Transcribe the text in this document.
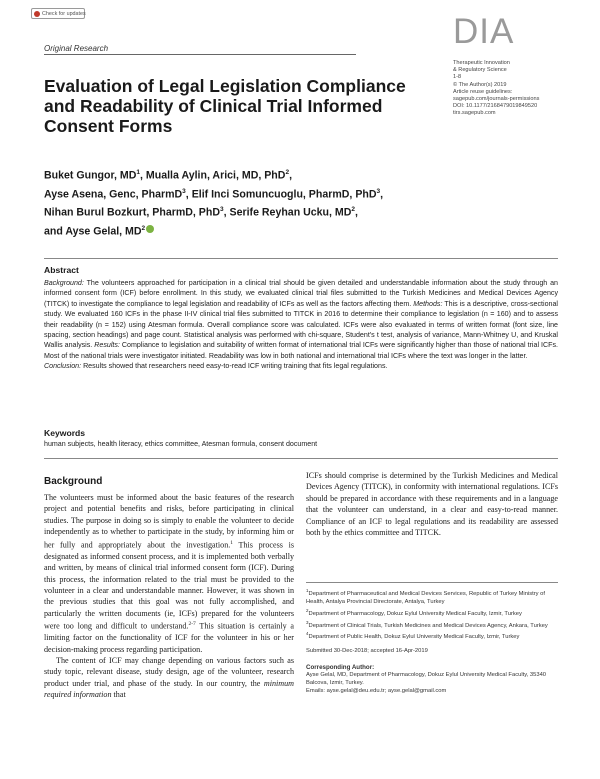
Check for updates
Original Research	DIA
Therapeutic Innovation
& Regulatory Science
1-8
© The Author(s) 2019
Article reuse guidelines:
sagepub.com/journals-permissions
DOI: 10.1177/2168479019849520
tirs.sagepub.com
Evaluation of Legal Legislation Compliance and Readability of Clinical Trial Informed Consent Forms
Buket Gungor, $MD^1$, Mualla Aylin, Arici, MD, PhD$^2$,
Ayse Asena, Genc, PharmD$^3$, Elif Inci Somuncuoglu, PharmD, PhD$^3$,
Nihan Burul Bozkurt, PharmD, PhD$^3$, Serife Reyhan Ucku, $MD^2$,
and Ayse Gelal, $MD^2$
Abstract
Background: The volunteers approached for participation in a clinical trial should be given detailed and understandable information about the study through an informed consent form (ICF) before enrollment. In this study, we evaluated clinical trial files submitted to the Turkish Medicines and Medical Devices Agency (TITCK) to investigate the compliance to legal legislation and readability of ICFs as well as the factors affecting them. Methods: This is a descriptive, cross-sectional study. We evaluated 160 ICFs in the phase II-IV clinical trial files submitted to TITCK in 2016 to determine their compliance to legislation (n = 160) and to assess their readability (n = 152) using Atesman formula. Overall compliance score was calculated. ICFs were also evaluated in terms of written format (font size, line spacing, section headings) and page count. Statistical analysis was performed with chi-square, Student's t test, analysis of variance, Mann-Whitney U, and Kruskal Wallis analysis. Results: Compliance to legislation and suitability of written format of international trial ICFs were significantly higher than those of national trial ICFs. Most of the national trials were investigator initiated. Readability was low in both national and international trial ICFs where the text was longer in the latter.
Conclusion: Results showed that researchers need easy-to-read ICF writing training that fits legal regulations.
Keywords
human subjects, health literacy, ethics committee, Atesman formula, consent document
Background

The volunteers must be informed about the basic features of the research project and potential benefits and risks, before participating in clinical studies. The purpose in doing so is simply to enable the volunteer to decide independently as to whether to participate in the study, by informing him or her fully and appropriately about the investigation.$^1$ This process is designated as informed consent process, and it is implemented both verbally and written, by means of clinical trial informed consent form (ICF). During this process, the information related to the trial must be provided to the volunteer in a clear and understandable manner. However, it was shown in the previous studies that this goal was not fully accomplished, and particularly the written documents (ie, ICFs) prepared for the volunteers were too long and difficult to understand.$^{2-7}$ This situation is certainly a limiting factor on the functionality of ICF for the volunteer in his or her decision-making process regarding participation.

The content of ICF may change depending on various factors such as study topic, relevant disease, study design, age of the volunteer, research product under trial, and phase of the study. In our country, the minimum required information that

ICFs should comprise is determined by the Turkish Medicines and Medical Devices Agency (TITCK), in conformity with international regulations. ICFs should be prepared in accordance with these requirements and in a language that the volunteer can understand, in a clear and easy-to-read manner. Compliance of an ICF to legal regulations and its readability are assessed both by the ethics committee and TITCK.

$^1$Department of Pharmaceutical and Medical Devices Services, Republic of Turkey Ministry of Health, Antalya Provincial Directorate, Antalya, Turkey
$^2$Department of Pharmacology, Dokuz Eylul University Medical Faculty, Izmir, Turkey
$^3$Department of Clinical Trials, Turkish Medicines and Medical Devices Agency, Ankara, Turkey
$^4$Department of Public Health, Dokuz Eylul University Medical Faculty, Izmir, Turkey
Submitted 30-Dec-2018; accepted 16-Apr-2019
Corresponding Author:
Ayse Gelal, MD, Department of Pharmacology, Dokuz Eylul University Medical Faculty, 35340 Balcova, Izmir, Turkey.
Emails: ayse.gelal@deu.edu.tr; ayse.gelal@gmail.com
